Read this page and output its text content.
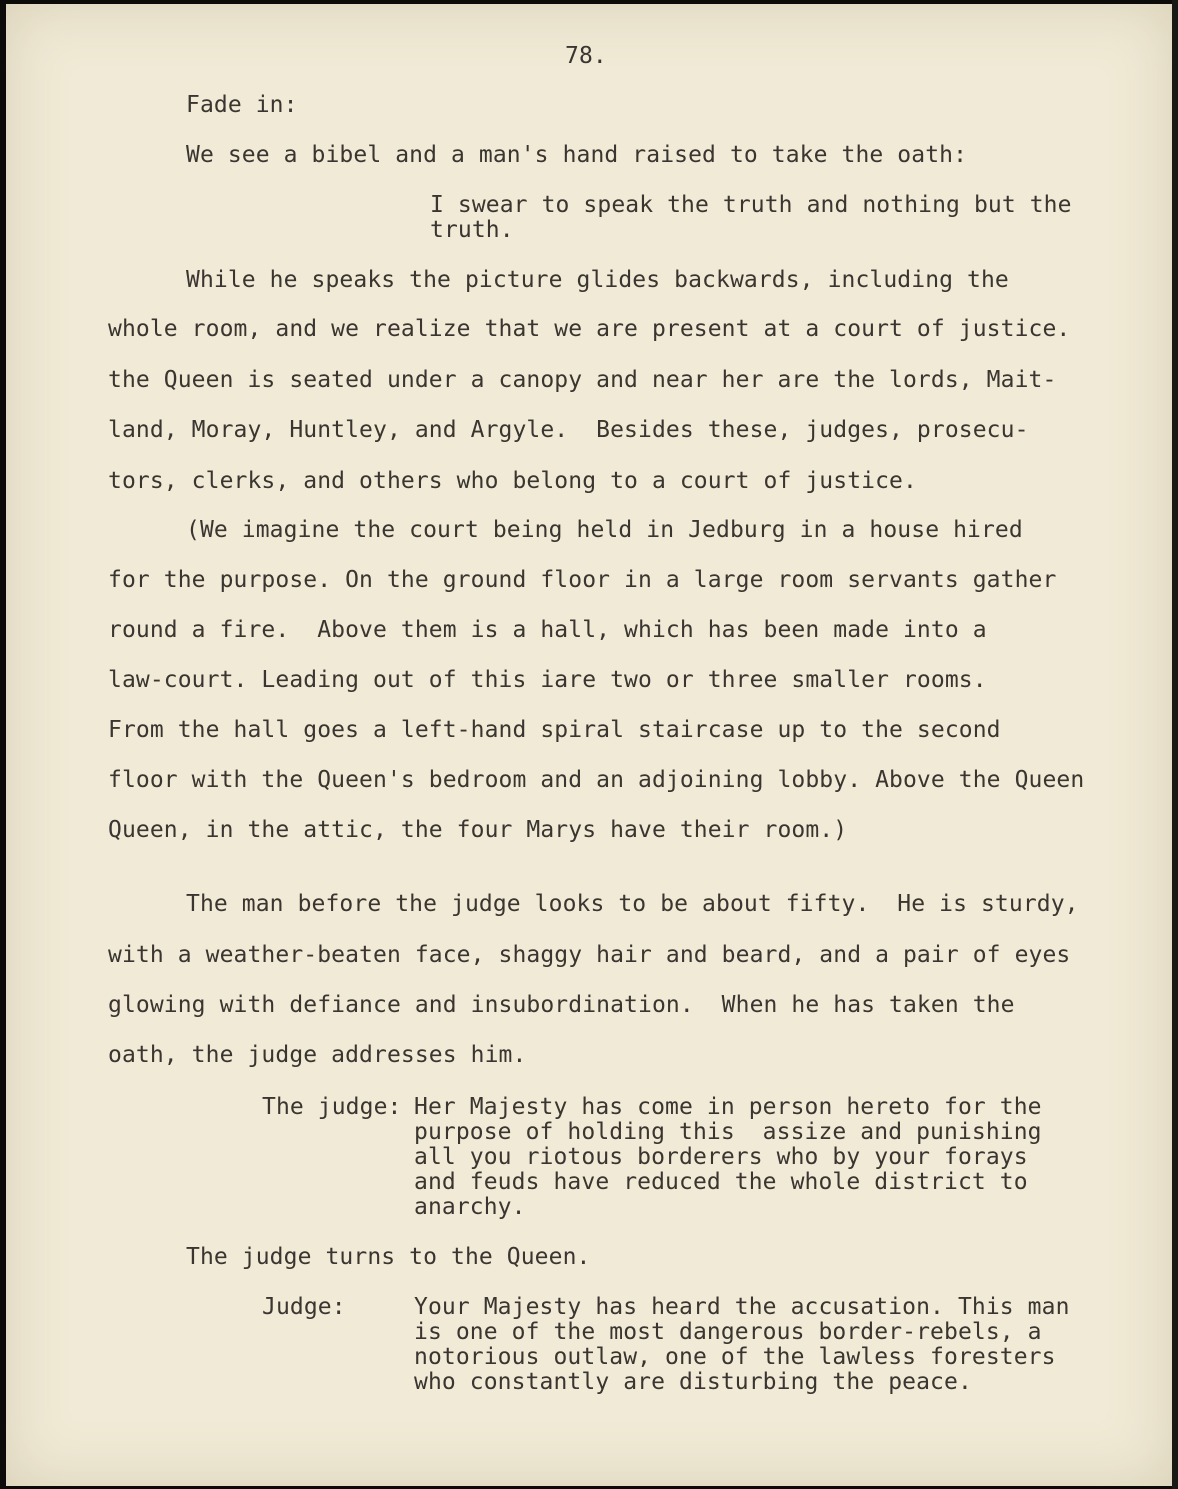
78.
Fade in:
We see a bibel and a man's hand raised to take the oath:
I swear to speak the truth and nothing but the
truth.
While he speaks the picture glides backwards, including the
whole room, and we realize that we are present at a court of justice.
the Queen is seated under a canopy and near her are the lords, Mait-
land, Moray, Huntley, and Argyle.  Besides these, judges, prosecu-
tors, clerks, and others who belong to a court of justice.
(We imagine the court being held in Jedburg in a house hired
for the purpose. On the ground floor in a large room servants gather
round a fire.  Above them is a hall, which has been made into a
law-court. Leading out of this iare two or three smaller rooms.
From the hall goes a left-hand spiral staircase up to the second
floor with the Queen's bedroom and an adjoining lobby. Above the Queen
Queen, in the attic, the four Marys have their room.)
The man before the judge looks to be about fifty.  He is sturdy,
with a weather-beaten face, shaggy hair and beard, and a pair of eyes
glowing with defiance and insubordination.  When he has taken the
oath, the judge addresses him.
The judge: Her Majesty has come in person hereto for the
purpose of holding this  assize and punishing
all you riotous borderers who by your forays
and feuds have reduced the whole district to
anarchy.
The judge turns to the Queen.
Judge:	Your Majesty has heard the accusation. This man
is one of the most dangerous border-rebels, a
notorious outlaw, one of the lawless foresters
who constantly are disturbing the peace.
